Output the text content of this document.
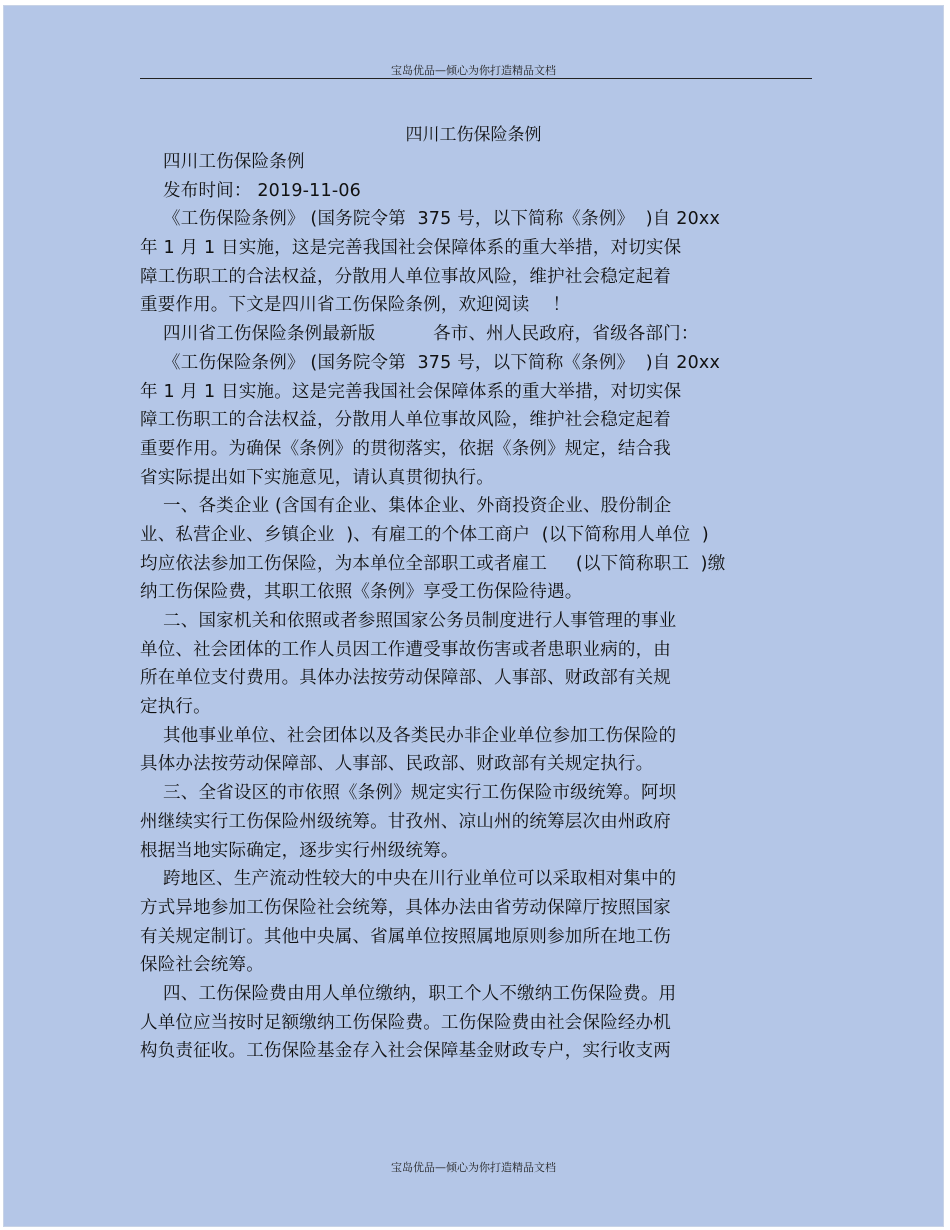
宝岛优品—倾心为你打造精品文档
四川工伤保险条例
四川工伤保险条例
发布时间： 2019-11-06
《工伤保险条例》 (国务院令第  375 号，以下简称《条例》  )自 20xx
年 1 月 1 日实施，这是完善我国社会保障体系的重大举措，对切实保
障工伤职工的合法权益，分散用人单位事故风险，维护社会稳定起着
重要作用。下文是四川省工伤保险条例，欢迎阅读    ！
四川省工伤保险条例最新版          各市、州人民政府，省级各部门：
《工伤保险条例》 (国务院令第  375 号，以下简称《条例》  )自 20xx
年 1 月 1 日实施。这是完善我国社会保障体系的重大举措，对切实保
障工伤职工的合法权益，分散用人单位事故风险，维护社会稳定起着
重要作用。为确保《条例》的贯彻落实，依据《条例》规定，结合我
省实际提出如下实施意见，请认真贯彻执行。
一、各类企业 (含国有企业、集体企业、外商投资企业、股份制企
业、私营企业、乡镇企业  )、有雇工的个体工商户  (以下简称用人单位  )
均应依法参加工伤保险，为本单位全部职工或者雇工     (以下简称职工  )缴
纳工伤保险费，其职工依照《条例》享受工伤保险待遇。
二、国家机关和依照或者参照国家公务员制度进行人事管理的事业
单位、社会团体的工作人员因工作遭受事故伤害或者患职业病的，由
所在单位支付费用。具体办法按劳动保障部、人事部、财政部有关规
定执行。
其他事业单位、社会团体以及各类民办非企业单位参加工伤保险的
具体办法按劳动保障部、人事部、民政部、财政部有关规定执行。
三、全省设区的市依照《条例》规定实行工伤保险市级统筹。阿坝
州继续实行工伤保险州级统筹。甘孜州、凉山州的统筹层次由州政府
根据当地实际确定，逐步实行州级统筹。
跨地区、生产流动性较大的中央在川行业单位可以采取相对集中的
方式异地参加工伤保险社会统筹，具体办法由省劳动保障厅按照国家
有关规定制订。其他中央属、省属单位按照属地原则参加所在地工伤
保险社会统筹。
四、工伤保险费由用人单位缴纳，职工个人不缴纳工伤保险费。用
人单位应当按时足额缴纳工伤保险费。工伤保险费由社会保险经办机
构负责征收。工伤保险基金存入社会保障基金财政专户，实行收支两
宝岛优品—倾心为你打造精品文档
